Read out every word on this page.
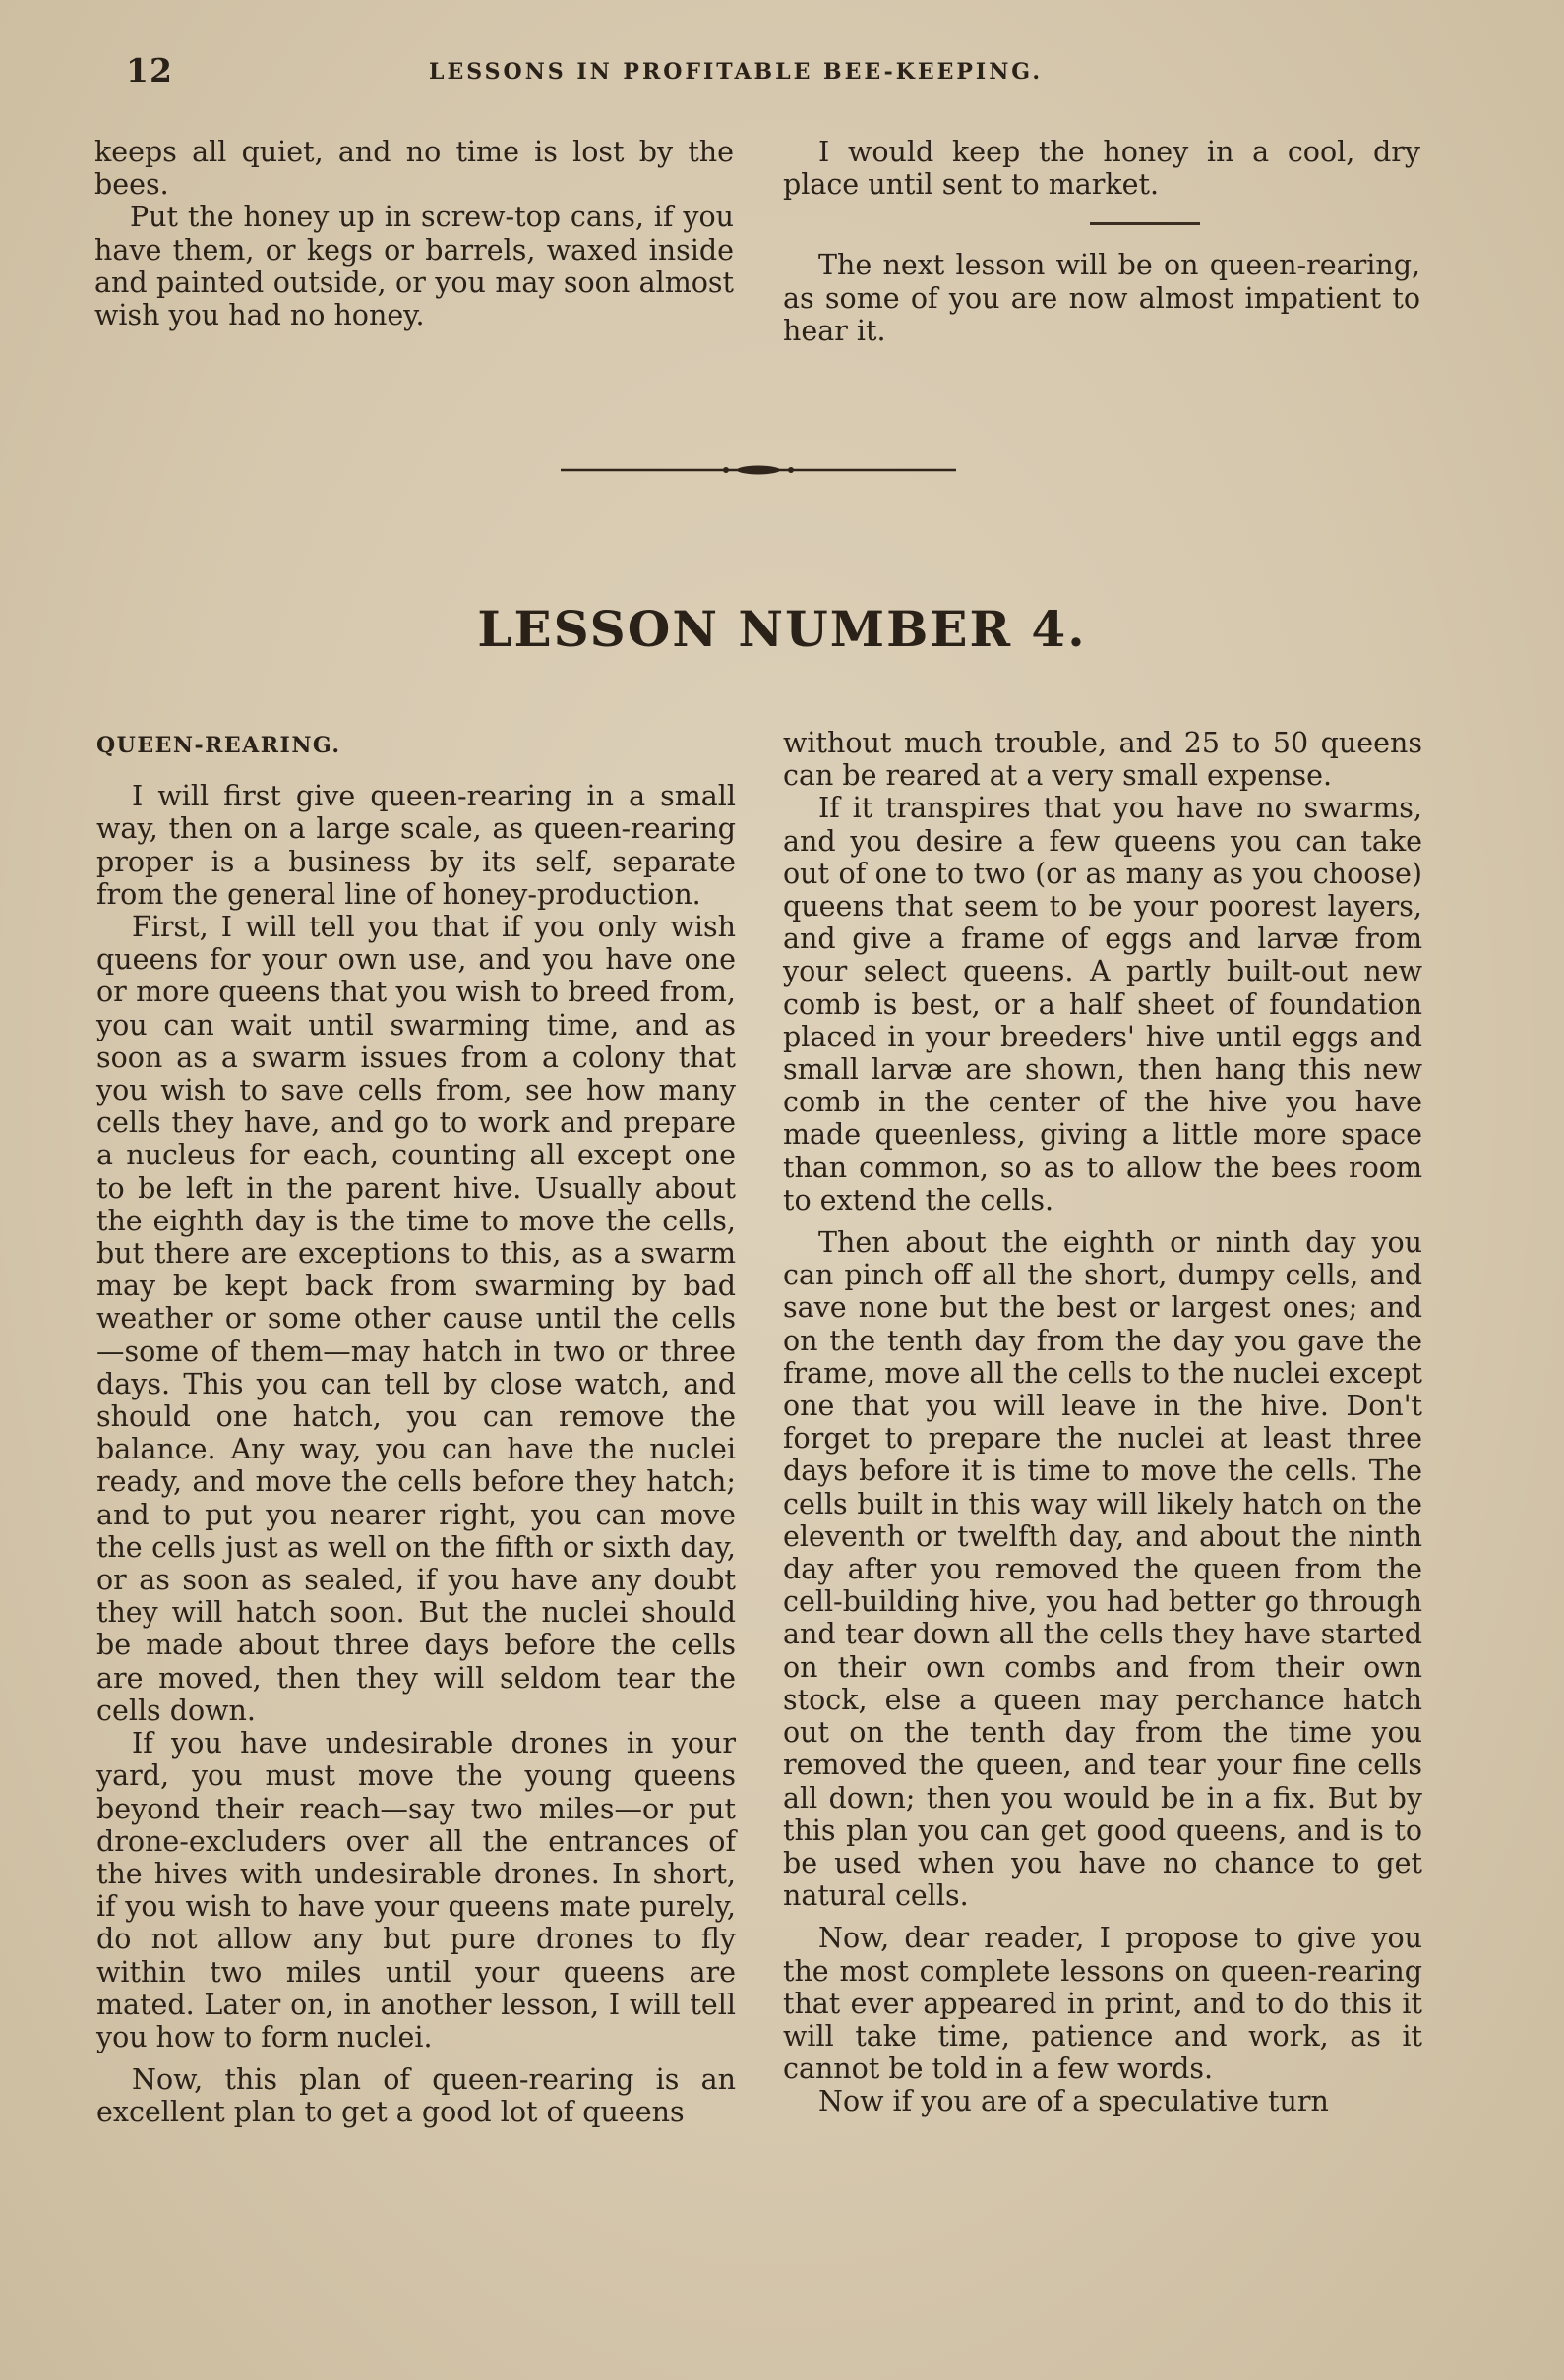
12	LESSONS IN PROFITABLE BEE-KEEPING.

keeps all quiet, and no time is lost by the bees.

Put the honey up in screw-top cans, if you have them, or kegs or barrels, waxed inside and painted outside, or you may soon almost wish you had no honey.

I would keep the honey in a cool, dry place until sent to market.

The next lesson will be on queen-rearing, as some of you are now almost impatient to hear it.

LESSON NUMBER 4.

QUEEN-REARING.

I will first give queen-rearing in a small way, then on a large scale, as queen-rearing proper is a business by its self, separate from the general line of honey-production.

First, I will tell you that if you only wish queens for your own use, and you have one or more queens that you wish to breed from, you can wait until swarming time, and as soon as a swarm issues from a colony that you wish to save cells from, see how many cells they have, and go to work and prepare a nucleus for each, counting all except one to be left in the parent hive. Usually about the eighth day is the time to move the cells, but there are exceptions to this, as a swarm may be kept back from swarming by bad weather or some other cause until the cells—some of them—may hatch in two or three days. This you can tell by close watch, and should one hatch, you can remove the balance. Any way, you can have the nuclei ready, and move the cells before they hatch; and to put you nearer right, you can move the cells just as well on the fifth or sixth day, or as soon as sealed, if you have any doubt they will hatch soon. But the nuclei should be made about three days before the cells are moved, then they will seldom tear the cells down.

If you have undesirable drones in your yard, you must move the young queens beyond their reach—say two miles—or put drone-excluders over all the entrances of the hives with undesirable drones. In short, if you wish to have your queens mate purely, do not allow any but pure drones to fly within two miles until your queens are mated. Later on, in another lesson, I will tell you how to form nuclei.

Now, this plan of queen-rearing is an excellent plan to get a good lot of queens

without much trouble, and 25 to 50 queens can be reared at a very small expense.

If it transpires that you have no swarms, and you desire a few queens you can take out of one to two (or as many as you choose) queens that seem to be your poorest layers, and give a frame of eggs and larvæ from your select queens. A partly built-out new comb is best, or a half sheet of foundation placed in your breeders' hive until eggs and small larvæ are shown, then hang this new comb in the center of the hive you have made queenless, giving a little more space than common, so as to allow the bees room to extend the cells.

Then about the eighth or ninth day you can pinch off all the short, dumpy cells, and save none but the best or largest ones; and on the tenth day from the day you gave the frame, move all the cells to the nuclei except one that you will leave in the hive. Don't forget to prepare the nuclei at least three days before it is time to move the cells. The cells built in this way will likely hatch on the eleventh or twelfth day, and about the ninth day after you removed the queen from the cell-building hive, you had better go through and tear down all the cells they have started on their own combs and from their own stock, else a queen may perchance hatch out on the tenth day from the time you removed the queen, and tear your fine cells all down; then you would be in a fix. But by this plan you can get good queens, and is to be used when you have no chance to get natural cells.

Now, dear reader, I propose to give you the most complete lessons on queen-rearing that ever appeared in print, and to do this it will take time, patience and work, as it cannot be told in a few words.

Now if you are of a speculative turn
